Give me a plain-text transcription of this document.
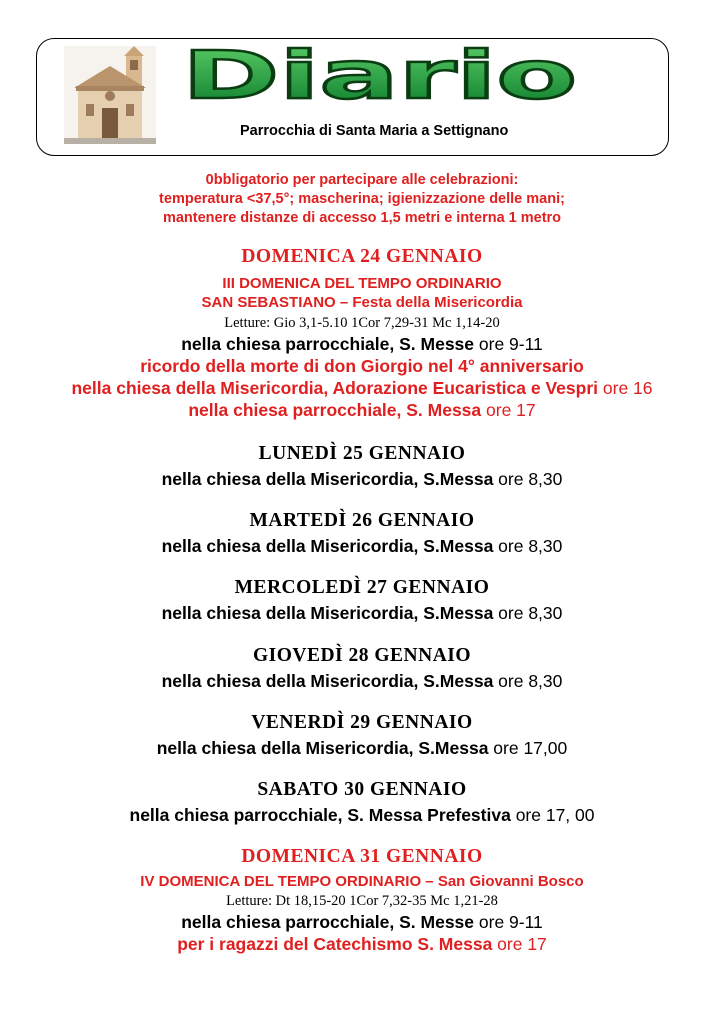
Diario
Parrocchia di Santa Maria a Settignano
0bbligatorio per partecipare alle celebrazioni:
temperatura <37,5°; mascherina; igienizzazione delle mani;
mantenere distanze di accesso 1,5 metri e interna 1 metro
DOMENICA 24 GENNAIO
III DOMENICA DEL TEMPO ORDINARIO
SAN SEBASTIANO – Festa della Misericordia
Letture: Gio 3,1-5.10 1Cor 7,29-31 Mc 1,14-20
nella chiesa parrocchiale, S. Messe ore 9-11
ricordo della morte di don Giorgio nel 4° anniversario
nella chiesa della Misericordia, Adorazione Eucaristica e Vespri ore 16
nella chiesa parrocchiale, S. Messa ore 17
LUNEDÌ 25 GENNAIO
nella chiesa della Misericordia, S.Messa ore 8,30
MARTEDÌ 26 GENNAIO
nella chiesa della Misericordia, S.Messa ore 8,30
MERCOLEDÌ 27 GENNAIO
nella chiesa della Misericordia, S.Messa ore 8,30
GIOVEDÌ 28 GENNAIO
nella chiesa della Misericordia, S.Messa ore 8,30
VENERDÌ 29 GENNAIO
nella chiesa della Misericordia, S.Messa ore 17,00
SABATO 30 GENNAIO
nella chiesa parrocchiale, S. Messa Prefestiva ore 17, 00
DOMENICA 31 GENNAIO
IV DOMENICA DEL TEMPO ORDINARIO – San Giovanni Bosco
Letture: Dt 18,15-20 1Cor 7,32-35 Mc 1,21-28
nella chiesa parrocchiale, S. Messe ore 9-11
per i ragazzi del Catechismo S. Messa ore 17
